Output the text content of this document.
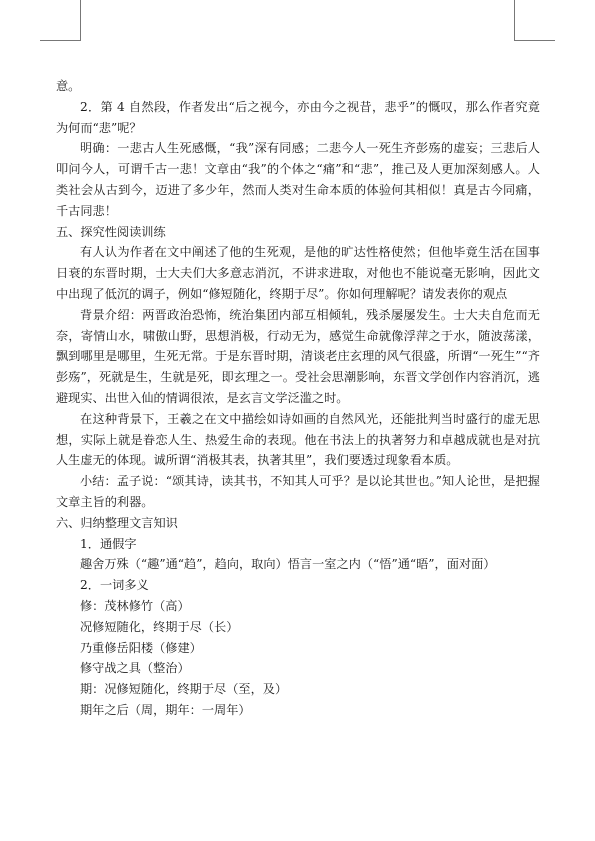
意。

2．第 4 自然段，作者发出“后之视今，亦由今之视昔，悲乎”的慨叹，那么作者究竟为何而“悲”呢？

明确：一悲古人生死感慨，“我”深有同感；二悲今人一死生齐彭殇的虚妄；三悲后人叩问今人，可谓千古一悲！文章由“我”的个体之“痛”和“悲”，推己及人更加深刻感人。人类社会从古到今，迈进了多少年，然而人类对生命本质的体验何其相似！真是古今同痛，千古同悲！

五、探究性阅读训练

有人认为作者在文中阐述了他的生死观，是他的旷达性格使然；但他毕竟生活在国事日衰的东晋时期，士大夫们大多意志消沉，不讲求进取，对他也不能说毫无影响，因此文中出现了低沉的调子，例如“修短随化，终期于尽”。你如何理解呢？请发表你的观点

背景介绍：两晋政治恐怖，统治集团内部互相倾轧，残杀屡屡发生。士大夫自危而无奈，寄情山水，啸傲山野，思想消极，行动无为，感觉生命就像浮萍之于水，随波荡漾，飘到哪里是哪里，生死无常。于是东晋时期，清谈老庄玄理的风气很盛，所谓“一死生”“齐彭殇”，死就是生，生就是死，即玄理之一。受社会思潮影响，东晋文学创作内容消沉，逃避现实、出世入仙的情调很浓，是玄言文学泛滥之时。

在这种背景下，王羲之在文中描绘如诗如画的自然风光，还能批判当时盛行的虚无思想，实际上就是眷恋人生、热爱生命的表现。他在书法上的执著努力和卓越成就也是对抗人生虚无的体现。诚所谓“消极其表，执著其里”，我们要透过现象看本质。

小结：孟子说：“颂其诗，读其书，不知其人可乎？是以论其世也。”知人论世，是把握文章主旨的利器。

六、归纳整理文言知识

1．通假字

趣舍万殊（“趣”通“趋”，趋向，取向）悟言一室之内（“悟”通“晤”，面对面）

2．一词多义

修：茂林修竹（高）

况修短随化，终期于尽（长）

乃重修岳阳楼（修建）

修守战之具（整治）

期：况修短随化，终期于尽（至，及）

期年之后（周，期年：一周年）
